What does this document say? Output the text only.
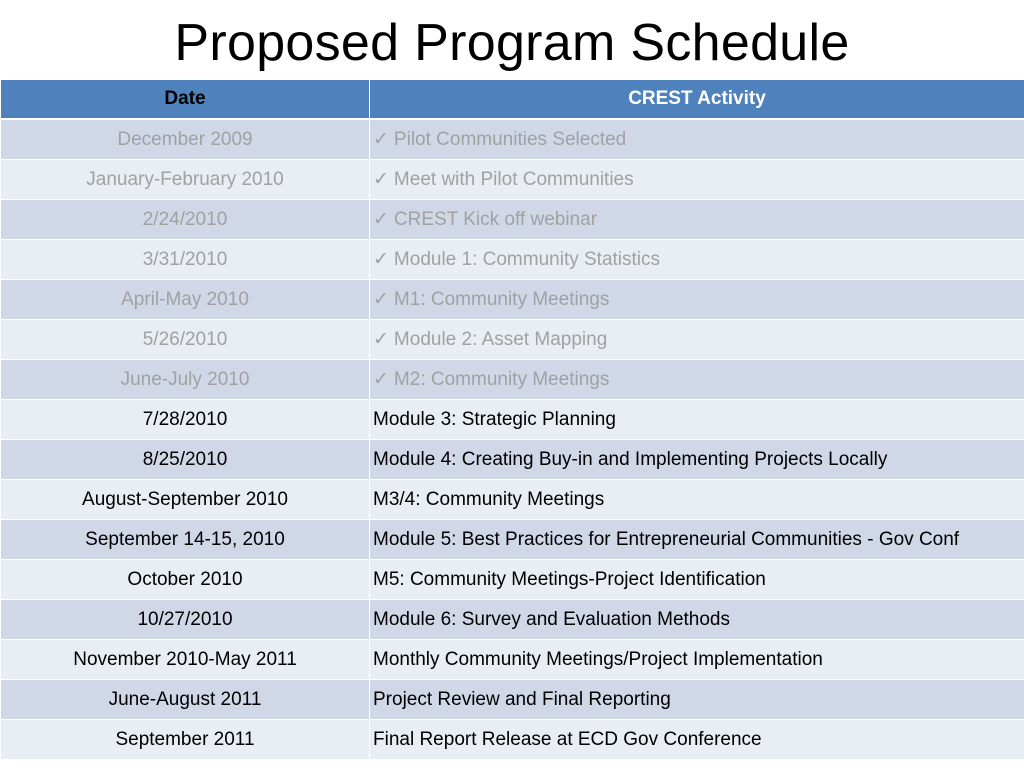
Proposed Program Schedule
Date	CREST Activity
December 2009	✓ Pilot Communities Selected
January-February 2010	✓ Meet with Pilot Communities
2/24/2010	✓ CREST Kick off webinar
3/31/2010	✓ Module 1: Community Statistics
April-May 2010	✓ M1: Community Meetings
5/26/2010	✓ Module 2: Asset Mapping
June-July 2010	✓ M2: Community Meetings
7/28/2010	Module 3: Strategic Planning
8/25/2010	Module 4: Creating Buy-in and Implementing Projects Locally
August-September 2010	M3/4: Community Meetings
September 14-15, 2010	Module 5: Best Practices for Entrepreneurial Communities - Gov Conf
October 2010	M5: Community Meetings-Project Identification
10/27/2010	Module 6: Survey and Evaluation Methods
November 2010-May 2011	Monthly Community Meetings/Project Implementation
June-August 2011	Project Review and Final Reporting
September 2011	Final Report Release at ECD Gov Conference
